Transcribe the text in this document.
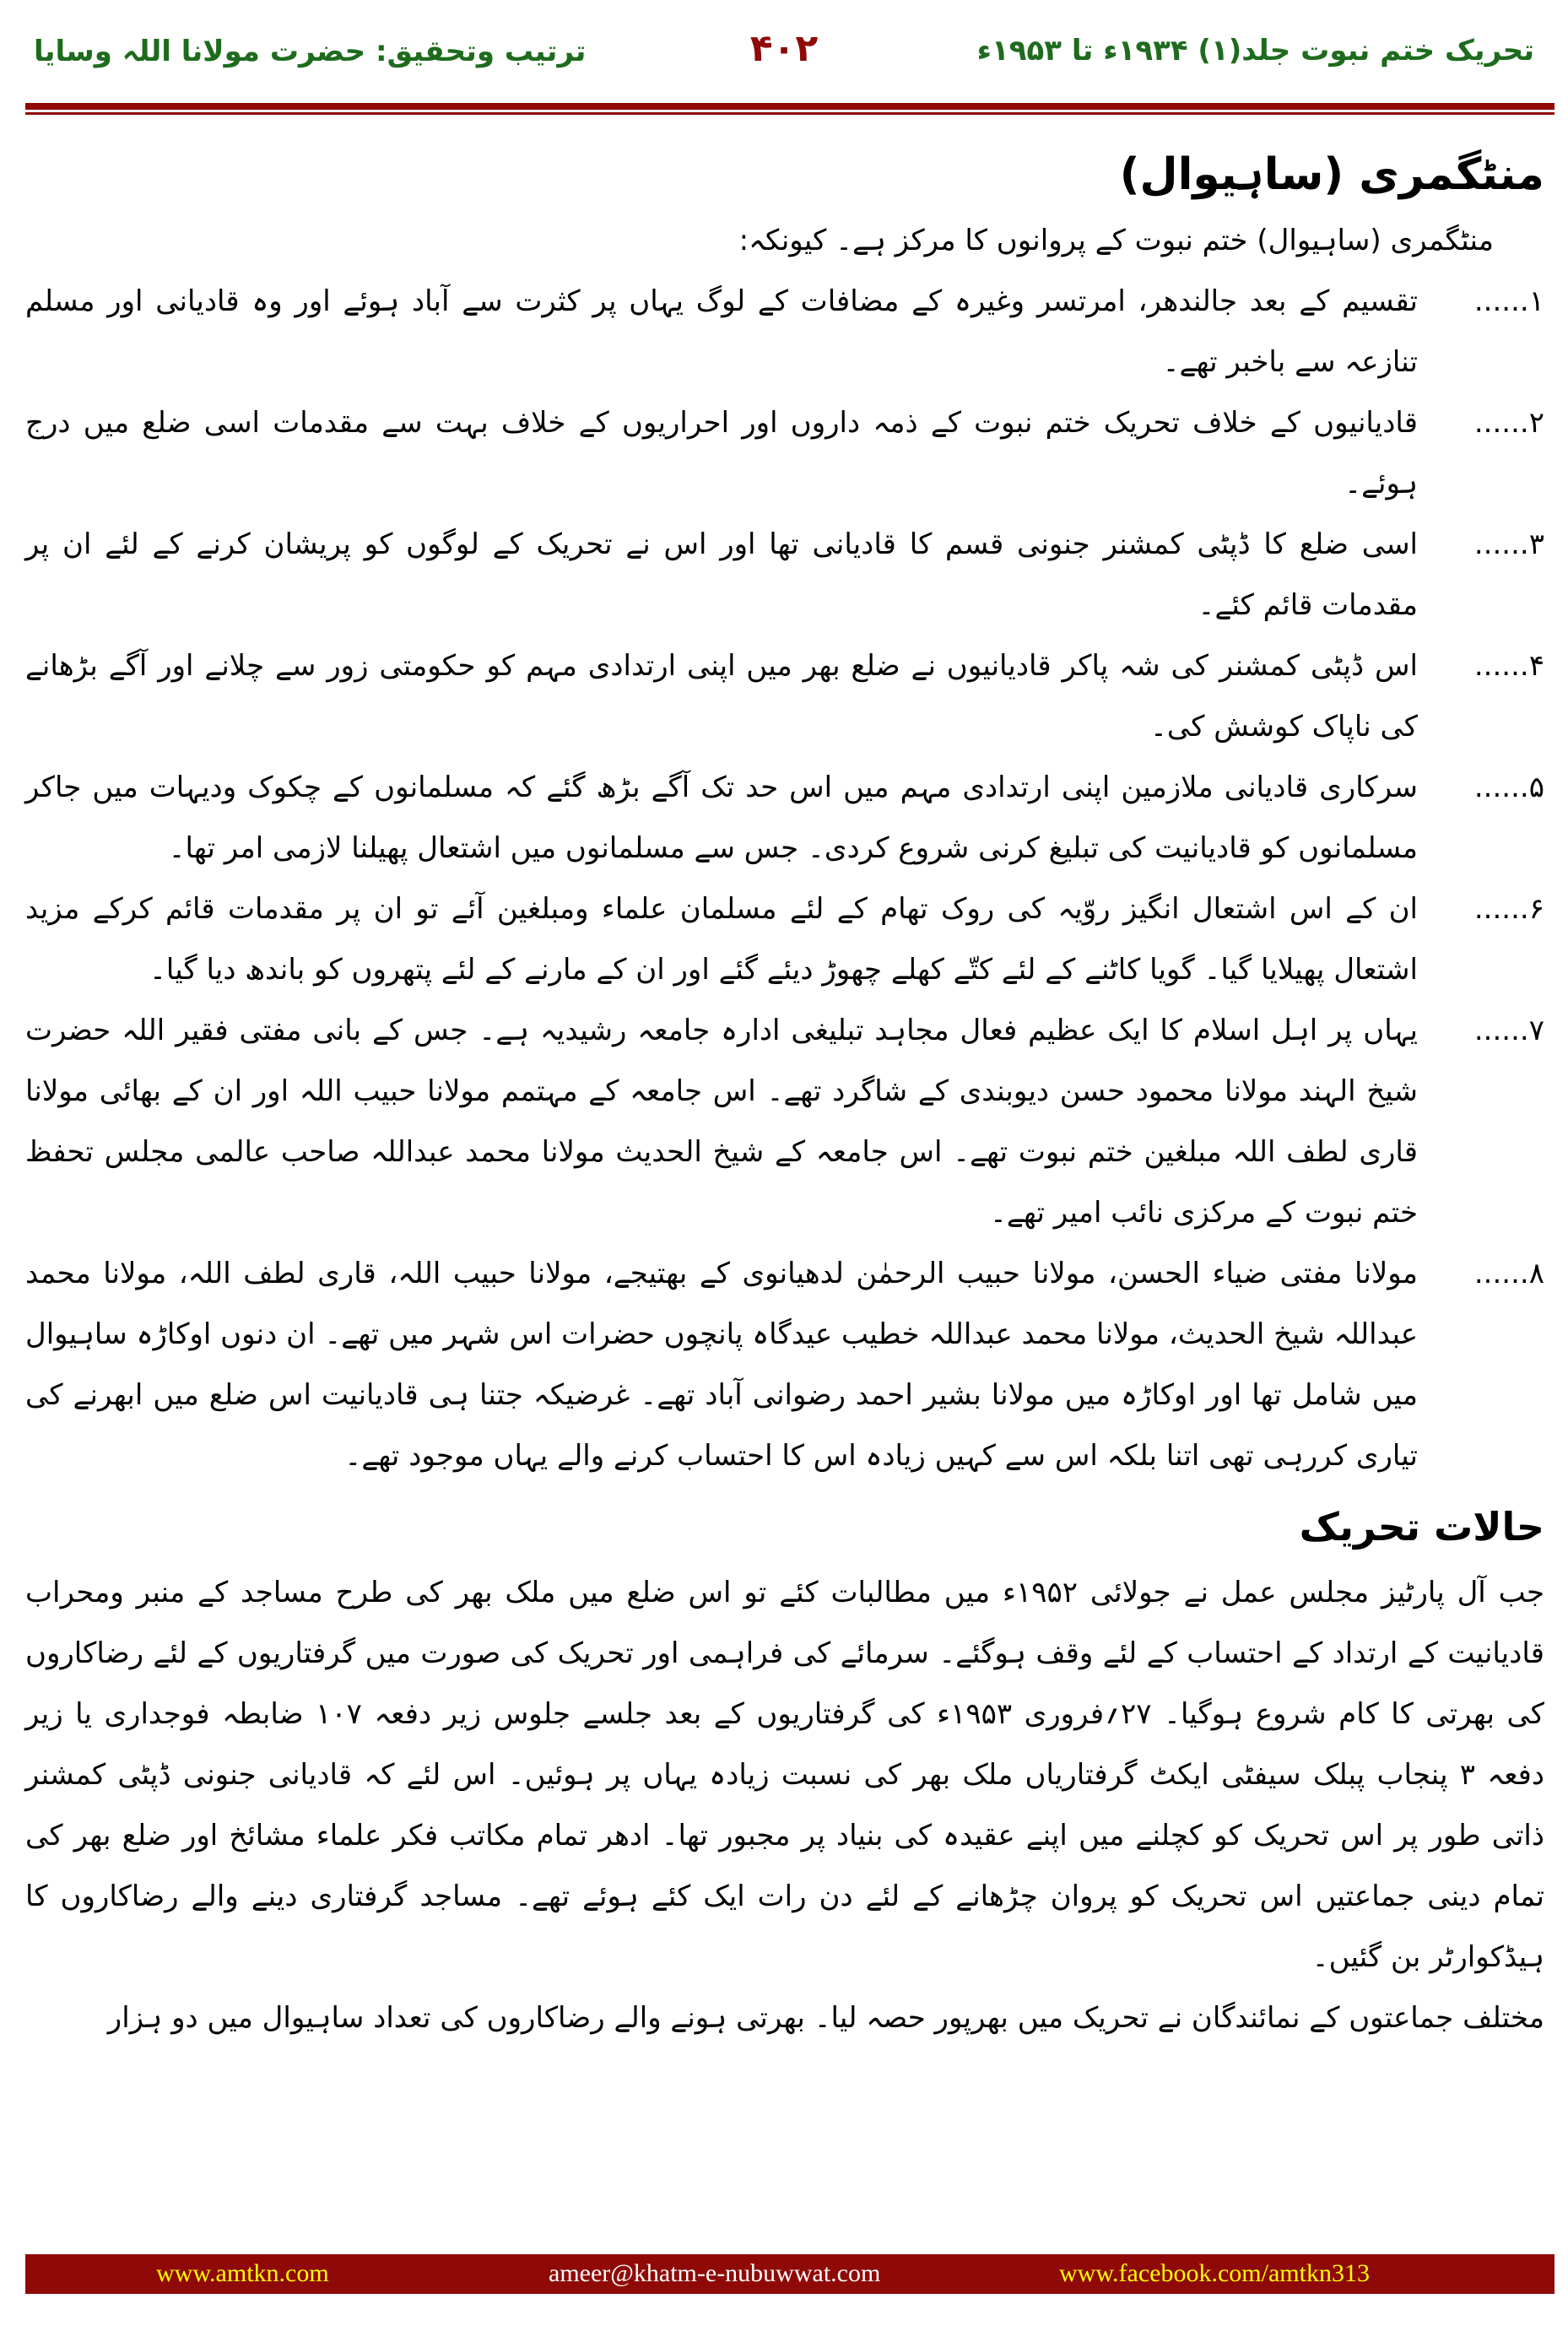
تحریک ختم نبوت جلد(۱) ۱۹۳۴ء تا ۱۹۵۳ء
۴۰۲
ترتیب وتحقیق: حضرت مولانا اللہ وسایا
منٹگمری (ساہیوال)

منٹگمری (ساہیوال) ختم نبوت کے پروانوں کا مرکز ہے۔ کیونکہ:

۱......
تقسیم کے بعد جالندھر، امرتسر وغیرہ کے مضافات کے لوگ یہاں پر کثرت سے آباد ہوئے اور وہ قادیانی اور مسلم تنازعہ سے باخبر تھے۔
۲......
قادیانیوں کے خلاف تحریک ختم نبوت کے ذمہ داروں اور احراریوں کے خلاف بہت سے مقدمات اسی ضلع میں درج ہوئے۔
۳......
اسی ضلع کا ڈپٹی کمشنر جنونی قسم کا قادیانی تھا اور اس نے تحریک کے لوگوں کو پریشان کرنے کے لئے ان پر مقدمات قائم کئے۔
۴......
اس ڈپٹی کمشنر کی شہ پاکر قادیانیوں نے ضلع بھر میں اپنی ارتدادی مہم کو حکومتی زور سے چلانے اور آگے بڑھانے کی ناپاک کوشش کی۔
۵......
سرکاری قادیانی ملازمین اپنی ارتدادی مہم میں اس حد تک آگے بڑھ گئے کہ مسلمانوں کے چکوک ودیہات میں جاکر مسلمانوں کو قادیانیت کی تبلیغ کرنی شروع کردی۔ جس سے مسلمانوں میں اشتعال پھیلنا لازمی امر تھا۔
۶......
ان کے اس اشتعال انگیز روّیہ کی روک تھام کے لئے مسلمان علماء ومبلغین آئے تو ان پر مقدمات قائم کرکے مزید اشتعال پھیلایا گیا۔ گویا کاٹنے کے لئے کتّے کھلے چھوڑ دیئے گئے اور ان کے مارنے کے لئے پتھروں کو باندھ دیا گیا۔
۷......
یہاں پر اہل اسلام کا ایک عظیم فعال مجاہد تبلیغی ادارہ جامعہ رشیدیہ ہے۔ جس کے بانی مفتی فقیر اللہ حضرت شیخ الہند مولانا محمود حسن دیوبندی کے شاگرد تھے۔ اس جامعہ کے مہتمم مولانا حبیب اللہ اور ان کے بھائی مولانا قاری لطف اللہ مبلغین ختم نبوت تھے۔ اس جامعہ کے شیخ الحدیث مولانا محمد عبداللہ صاحب عالمی مجلس تحفظ ختم نبوت کے مرکزی نائب امیر تھے۔
۸......
مولانا مفتی ضیاء الحسن، مولانا حبیب الرحمٰن لدھیانوی کے بھتیجے، مولانا حبیب اللہ، قاری لطف اللہ، مولانا محمد عبداللہ شیخ الحدیث، مولانا محمد عبداللہ خطیب عیدگاہ پانچوں حضرات اس شہر میں تھے۔ ان دنوں اوکاڑہ ساہیوال میں شامل تھا اور اوکاڑہ میں مولانا بشیر احمد رضوانی آباد تھے۔ غرضیکہ جتنا ہی قادیانیت اس ضلع میں ابھرنے کی تیاری کررہی تھی اتنا بلکہ اس سے کہیں زیادہ اس کا احتساب کرنے والے یہاں موجود تھے۔
حالات تحریک

جب آل پارٹیز مجلس عمل نے جولائی ۱۹۵۲ء میں مطالبات کئے تو اس ضلع میں ملک بھر کی طرح مساجد کے منبر ومحراب قادیانیت کے ارتداد کے احتساب کے لئے وقف ہوگئے۔ سرمائے کی فراہمی اور تحریک کی صورت میں گرفتاریوں کے لئے رضاکاروں کی بھرتی کا کام شروع ہوگیا۔ ۲۷؍فروری ۱۹۵۳ء کی گرفتاریوں کے بعد جلسے جلوس زیر دفعہ ۱۰۷ ضابطہ فوجداری یا زیر دفعہ ۳ پنجاب پبلک سیفٹی ایکٹ گرفتاریاں ملک بھر کی نسبت زیادہ یہاں پر ہوئیں۔ اس لئے کہ قادیانی جنونی ڈپٹی کمشنر ذاتی طور پر اس تحریک کو کچلنے میں اپنے عقیدہ کی بنیاد پر مجبور تھا۔ ادھر تمام مکاتب فکر علماء مشائخ اور ضلع بھر کی تمام دینی جماعتیں اس تحریک کو پروان چڑھانے کے لئے دن رات ایک کئے ہوئے تھے۔ مساجد گرفتاری دینے والے رضاکاروں کا ہیڈکوارٹر بن گئیں۔

مختلف جماعتوں کے نمائندگان نے تحریک میں بھرپور حصہ لیا۔ بھرتی ہونے والے رضاکاروں کی تعداد ساہیوال میں دو ہزار

www.amtkn.com	ameer@khatm-e-nubuwwat.com	www.facebook.com/amtkn313
